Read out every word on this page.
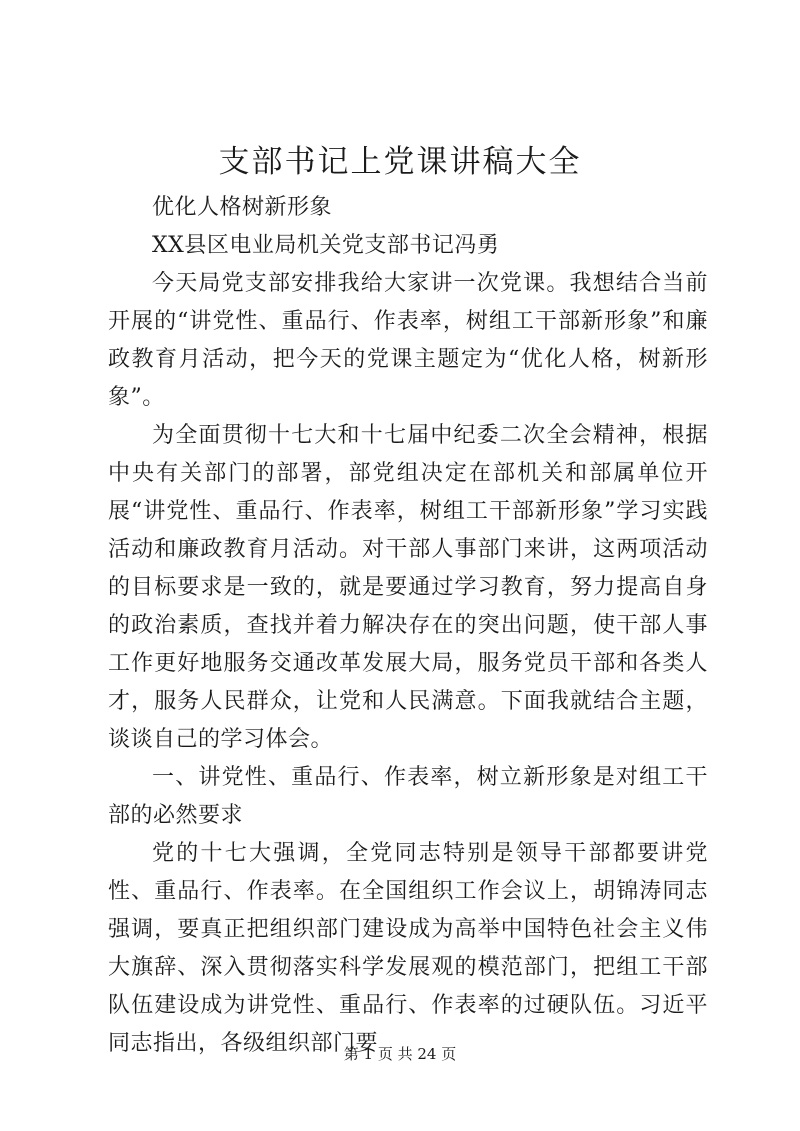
支部书记上党课讲稿大全

优化人格树新形象

XX县区电业局机关党支部书记冯勇

今天局党支部安排我给大家讲一次党课。我想结合当前开展的“讲党性、重品行、作表率，树组工干部新形象”和廉政教育月活动，把今天的党课主题定为“优化人格，树新形象”。

为全面贯彻十七大和十七届中纪委二次全会精神，根据中央有关部门的部署，部党组决定在部机关和部属单位开展“讲党性、重品行、作表率，树组工干部新形象”学习实践活动和廉政教育月活动。对干部人事部门来讲，这两项活动的目标要求是一致的，就是要通过学习教育，努力提高自身的政治素质，查找并着力解决存在的突出问题，使干部人事工作更好地服务交通改革发展大局，服务党员干部和各类人才，服务人民群众，让党和人民满意。下面我就结合主题，谈谈自己的学习体会。

一、讲党性、重品行、作表率，树立新形象是对组工干部的必然要求

党的十七大强调，全党同志特别是领导干部都要讲党性、重品行、作表率。在全国组织工作会议上，胡锦涛同志强调，要真正把组织部门建设成为高举中国特色社会主义伟大旗辞、深入贯彻落实科学发展观的模范部门，把组工干部队伍建设成为讲党性、重品行、作表率的过硬队伍。习近平同志指出，各级组织部门要

第 1 页 共 24 页
